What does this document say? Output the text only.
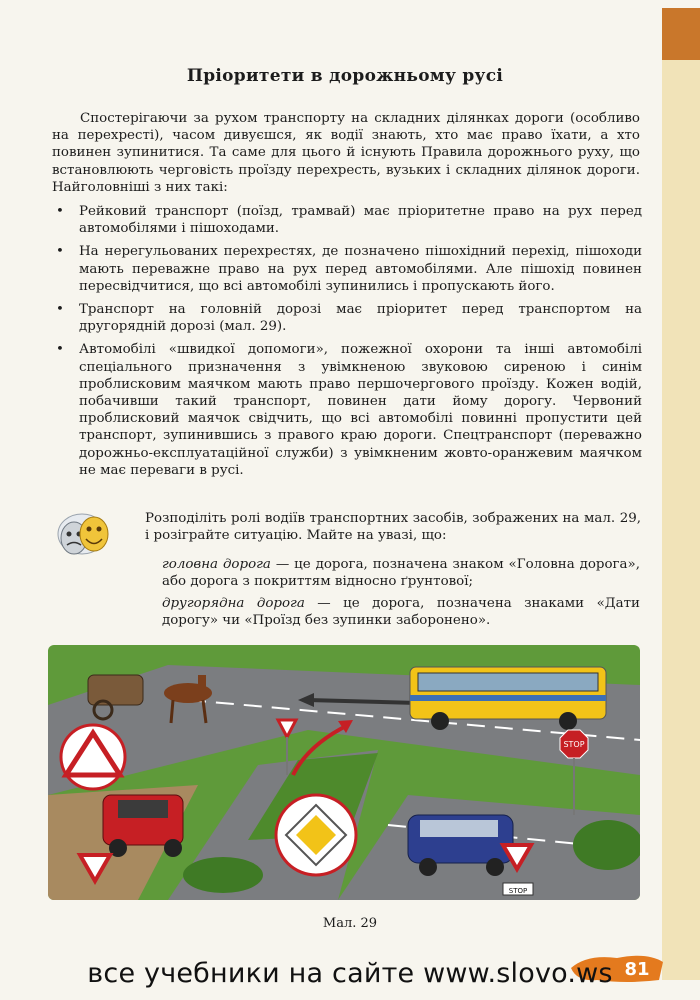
Пріоритети в дорожньому русі
Спостерігаючи за рухом транспорту на складних ділянках дороги (особливо на перехресті), часом дивуєшся, як водії знають, хто має право їхати, а хто повинен зупинитися. Та саме для цього й існують Правила дорожнього руху, що встановлюють черговість проїзду перехресть, вузьких і складних ділянок дороги. Найголовніші з них такі:
• Рейковий транспорт (поїзд, трамвай) має пріоритетне право на рух перед автомобілями і пішоходами.
• На нерегульованих перехрестях, де позначено пішохідний перехід, пішоходи мають переважне право на рух перед автомобілями. Але пішохід повинен пересвідчитися, що всі автомобілі зупинились і пропускають його.
• Транспорт на головній дорозі має пріоритет перед транспортом на другорядній дорозі (мал. 29).
• Автомобілі «швидкої допомоги», пожежної охорони та інші автомобілі спеціального призначення з увімкненою звуковою сиреною і синім проблисковим маячком мають право першочергового проїзду. Кожен водій, побачивши такий транспорт, повинен дати йому дорогу. Червоний проблисковий маячок свідчить, що всі автомобілі повинні пропустити цей транспорт, зупинившись з правого краю дороги. Спецтранспорт (переважно дорожньо-експлуатаційної служби) з увімкненим жовто-оранжевим маячком не має переваги в русі.
Розподіліть ролі водіїв транспортних засобів, зображених на мал. 29, і розіграйте ситуацію. Майте на увазі, що:
головна дорога — це дорога, позначена знаком «Головна дорога», або дорога з покриттям відносно ґрунтової;
другорядна дорога — це дорога, позначена знаками «Дати дорогу» чи «Проїзд без зупинки заборонено».
STOP
STOP
Мал. 29
81
все учебники на сайте www.slovo.ws
